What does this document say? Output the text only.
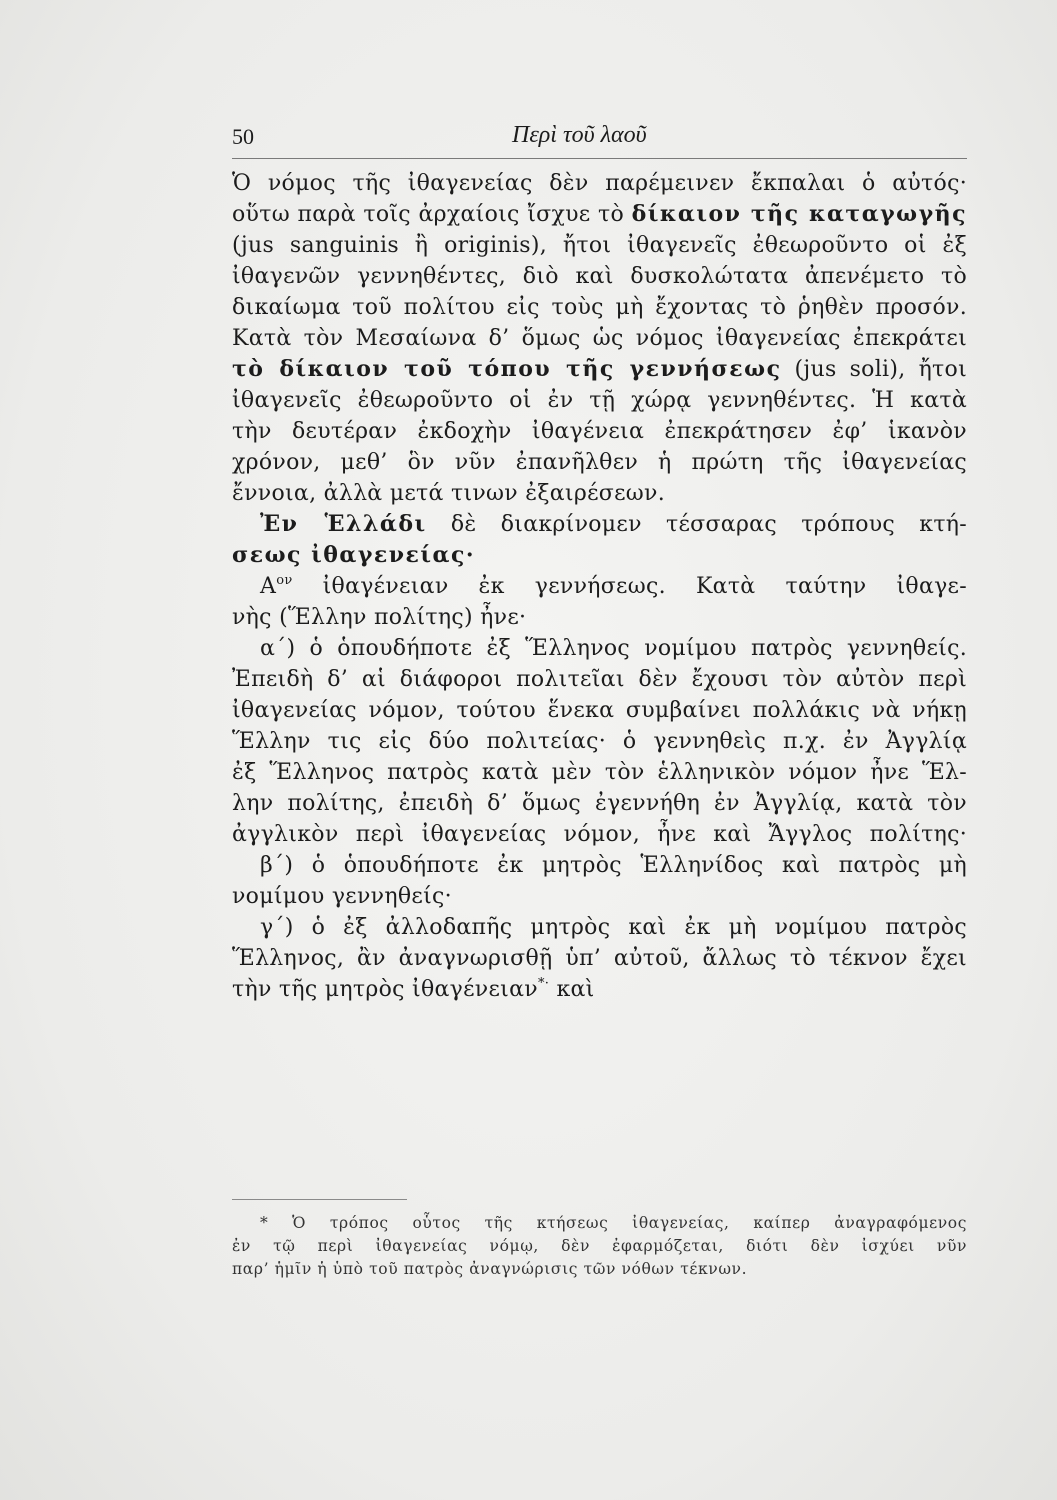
50	Περὶ τοῦ λαοῦ
Ὁ νόμος τῆς ἰθαγενείας δὲν παρέμεινεν ἔκπαλαι ὁ αὐτός·
οὕτω παρὰ τοῖς ἀρχαίοις ἴσχυε τὸ δίκαιον τῆς καταγωγῆς
(jus sanguinis ἢ originis), ἤτοι ἰθαγενεῖς ἐθεωροῦντο οἱ ἐξ
ἰθαγενῶν γεννηθέντες, διὸ καὶ δυσκολώτατα ἀπενέμετο τὸ
δικαίωμα τοῦ πολίτου εἰς τοὺς μὴ ἔχοντας τὸ ῥηθὲν προσόν.
Κατὰ τὸν Μεσαίωνα δ’ ὅμως ὡς νόμος ἰθαγενείας ἐπεκράτει
τὸ δίκαιον τοῦ τόπου τῆς γεννήσεως (jus soli), ἤτοι
ἰθαγενεῖς ἐθεωροῦντο οἱ ἐν τῇ χώρᾳ γεννηθέντες. Ἡ κατὰ
τὴν δευτέραν ἐκδοχὴν ἰθαγένεια ἐπεκράτησεν ἐφ’ ἱκανὸν
χρόνον, μεθ’ ὃν νῦν ἐπανῆλθεν ἡ πρώτη τῆς ἰθαγενείας
ἔννοια, ἀλλὰ μετά τινων ἐξαιρέσεων.
Ἐν Ἑλλάδι δὲ διακρίνομεν τέσσαρας τρόπους κτή-
σεως ἰθαγενείας·
$A^{o\nu}$ ἰθαγένειαν ἐκ γεννήσεως. Κατὰ ταύτην ἰθαγε-
νὴς (Ἕλλην πολίτης) ἦνε·
α΄) ὁ ὁπουδήποτε ἐξ Ἕλληνος νομίμου πατρὸς γεννηθείς.
Ἐπειδὴ δ’ αἱ διάφοροι πολιτεῖαι δὲν ἔχουσι τὸν αὐτὸν περὶ
ἰθαγενείας νόμον, τούτου ἕνεκα συμβαίνει πολλάκις νὰ νήκῃ
Ἕλλην τις εἰς δύο πολιτείας· ὁ γεννηθεὶς π.χ. ἐν Ἀγγλίᾳ
ἐξ Ἕλληνος πατρὸς κατὰ μὲν τὸν ἑλληνικὸν νόμον ἦνε Ἕλ-
λην πολίτης, ἐπειδὴ δ’ ὅμως ἐγεννήθη ἐν Ἀγγλίᾳ, κατὰ τὸν
ἀγγλικὸν περὶ ἰθαγενείας νόμον, ἦνε καὶ Ἄγγλος πολίτης·
β΄) ὁ ὁπουδήποτε ἐκ μητρὸς Ἑλληνίδος καὶ πατρὸς μὴ
νομίμου γεννηθείς·
γ΄) ὁ ἐξ ἀλλοδαπῆς μητρὸς καὶ ἐκ μὴ νομίμου πατρὸς
Ἕλληνος, ἂν ἀναγνωρισθῇ ὑπ’ αὐτοῦ, ἄλλως τὸ τέκνον ἔχει
τὴν τῆς μητρὸς ἰθαγένειαν*· καὶ
* Ὁ τρόπος οὗτος τῆς κτήσεως ἰθαγενείας, καίπερ ἀναγραφόμενος
ἐν τῷ περὶ ἰθαγενείας νόμῳ, δὲν ἐφαρμόζεται, διότι δὲν ἰσχύει νῦν
παρ’ ἡμῖν ἡ ὑπὸ τοῦ πατρὸς ἀναγνώρισις τῶν νόθων τέκνων.
